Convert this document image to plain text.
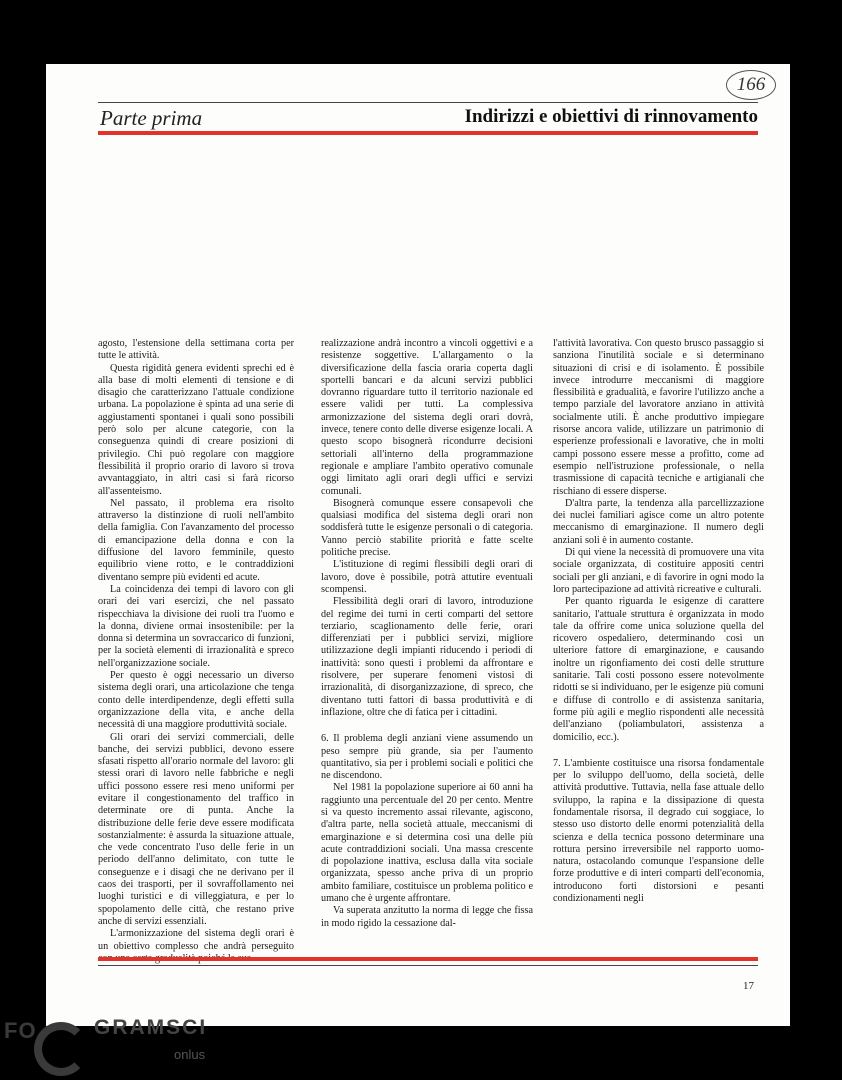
166
Parte prima	Indirizzi e obiettivi di rinnovamento

agosto, l'estensione della settimana corta per tutte le attività.

Questa rigidità genera evidenti sprechi ed è alla base di molti elementi di tensione e di disagio che caratterizzano l'attuale condizione urbana. La popolazione è spinta ad una serie di aggiustamenti spontanei i quali sono possibili però solo per alcune categorie, con la conseguenza quindi di creare posizioni di privilegio. Chi può regolare con maggiore flessibilità il proprio orario di lavoro si trova avvantaggiato, in altri casi si farà ricorso all'assenteismo.

Nel passato, il problema era risolto attraverso la distinzione di ruoli nell'ambito della famiglia. Con l'avanzamento del processo di emancipazione della donna e con la diffusione del lavoro femminile, questo equilibrio viene rotto, e le contraddizioni diventano sempre più evidenti ed acute.

La coincidenza dei tempi di lavoro con gli orari dei vari esercizi, che nel passato rispecchiava la divisione dei ruoli tra l'uomo e la donna, diviene ormai insostenibile: per la donna si determina un sovraccarico di funzioni, per la società elementi di irrazionalità e spreco nell'organizzazione sociale.

Per questo è oggi necessario un diverso sistema degli orari, una articolazione che tenga conto delle interdipendenze, degli effetti sulla organizzazione della vita, e anche della necessità di una maggiore produttività sociale.

Gli orari dei servizi commerciali, delle banche, dei servizi pubblici, devono essere sfasati rispetto all'orario normale del lavoro: gli stessi orari di lavoro nelle fabbriche e negli uffici possono essere resi meno uniformi per evitare il congestionamento del traffico in determinate ore di punta. Anche la distribuzione delle ferie deve essere modificata sostanzialmente: è assurda la situazione attuale, che vede concentrato l'uso delle ferie in un periodo dell'anno delimitato, con tutte le conseguenze e i disagi che ne derivano per il caos dei trasporti, per il sovraffollamento nei luoghi turistici e di villeggiatura, e per lo spopolamento delle città, che restano prive anche di servizi essenziali.

L'armonizzazione del sistema degli orari è un obiettivo complesso che andrà perseguito

realizzazione andrà incontro a vincoli oggettivi e a resistenze soggettive. L'allargamento o la diversificazione della fascia oraria coperta dagli sportelli bancari e da alcuni servizi pubblici dovranno riguardare tutto il territorio nazionale ed essere validi per tutti. La complessiva armonizzazione del sistema degli orari dovrà, invece, tenere conto delle diverse esigenze locali. A questo scopo bisognerà ricondurre decisioni settoriali all'interno della programmazione regionale e ampliare l'ambito operativo comunale oggi limitato agli orari degli uffici e servizi comunali.

Bisognerà comunque essere consapevoli che qualsiasi modifica del sistema degli orari non soddisferà tutte le esigenze personali o di categoria. Vanno perciò stabilite priorità e fatte scelte politiche precise.

L'istituzione di regimi flessibili degli orari di lavoro, dove è possibile, potrà attutire eventuali scompensi.

Flessibilità degli orari di lavoro, introduzione del regime dei turni in certi comparti del settore terziario, scaglionamento delle ferie, orari differenziati per i pubblici servizi, migliore utilizzazione degli impianti riducendo i periodi di inattività: sono questi i problemi da affrontare e risolvere, per superare fenomeni vistosi di irrazionalità, di disorganizzazione, di spreco, che diventano tutti fattori di bassa produttività e di inflazione, oltre che di fatica per i cittadini.

6. Il problema degli anziani viene assumendo un peso sempre più grande, sia per l'aumento quantitativo, sia per i problemi sociali e politici che ne discendono.

Nel 1981 la popolazione superiore ai 60 anni ha raggiunto una percentuale del 20 per cento. Mentre si va questo incremento assai rilevante, agiscono, d'altra parte, nella società attuale, meccanismi di emarginazione e si determina così una delle più acute contraddizioni sociali. Una massa crescente di popolazione inattiva, esclusa dalla vita sociale organizzata, spesso anche priva di un proprio ambito familiare, costituisce un problema politico e umano che è urgente affrontare.

Va superata anzitutto la norma di legge che fissa in modo rigido la cessazione dal-

l'attività lavorativa. Con questo brusco passaggio si sanziona l'inutilità sociale e si determinano situazioni di crisi e di isolamento. È possibile invece introdurre meccanismi di maggiore flessibilità e gradualità, e favorire l'utilizzo anche a tempo parziale del lavoratore anziano in attività socialmente utili. È anche produttivo impiegare risorse ancora valide, utilizzare un patrimonio di esperienze professionali e lavorative, che in molti campi possono essere messe a profitto, come ad esempio nell'istruzione professionale, o nella trasmissione di capacità tecniche e artigianali che rischiano di essere disperse.

D'altra parte, la tendenza alla parcellizzazione dei nuclei familiari agisce come un altro potente meccanismo di emarginazione. Il numero degli anziani soli è in aumento costante.

Di qui viene la necessità di promuovere una vita sociale organizzata, di costituire appositi centri sociali per gli anziani, e di favorire in ogni modo la loro partecipazione ad attività ricreative e culturali.

Per quanto riguarda le esigenze di carattere sanitario, l'attuale struttura è organizzata in modo tale da offrire come unica soluzione quella del ricovero ospedaliero, determinando così un ulteriore fattore di emarginazione, e causando inoltre un rigonfiamento dei costi delle strutture sanitarie. Tali costi possono essere notevolmente ridotti se si individuano, per le esigenze più comuni e diffuse di controllo e di assistenza sanitaria, forme più agili e meglio rispondenti alle necessità dell'anziano (poliambulatori, assistenza a domicilio, ecc.).

7. L'ambiente costituisce una risorsa fondamentale per lo sviluppo dell'uomo, della società, delle attività produttive. Tuttavia, nella fase attuale dello sviluppo, la rapina e la dissipazione di questa fondamentale risorsa, il degrado cui soggiace, lo stesso uso distorto delle enormi potenzialità della scienza e della tecnica possono determinare una rottura persino irreversibile nel rapporto uomo-natura, ostacolando comunque l'espansione delle forze produttive e di interi comparti dell'economia, introducono forti distorsioni e pesanti condizionamenti negli

17
FO	GRAMSCI
onlus
